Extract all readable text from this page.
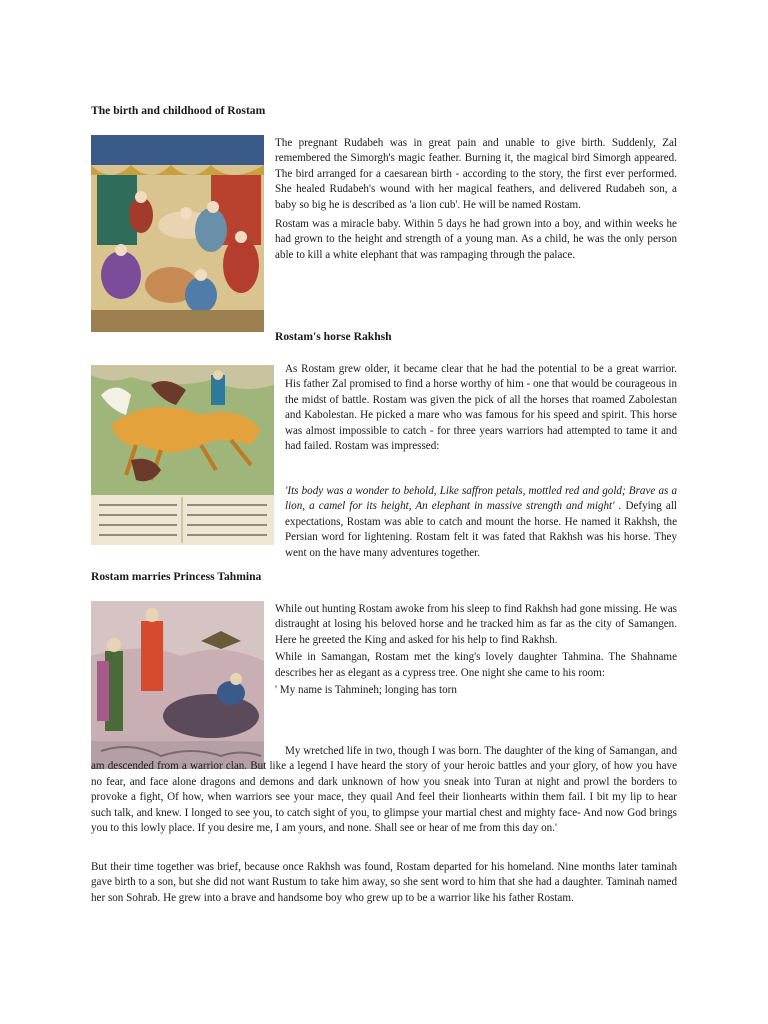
The birth and childhood of Rostam

The pregnant Rudabeh was in great pain and unable to give birth. Suddenly, Zal remembered the Simorgh's magic feather. Burning it, the magical bird Simorgh appeared. The bird arranged for a caesarean birth - according to the story, the first ever performed. She healed Rudabeh's wound with her magical feathers, and delivered Rudabeh son, a baby so big he is described as 'a lion cub'. He will be named Rostam.

Rostam was a miracle baby. Within 5 days he had grown into a boy, and within weeks he had grown to the height and strength of a young man. As a child, he was the only person able to kill a white elephant that was rampaging through the palace.

Rostam's horse Rakhsh

As Rostam grew older, it became clear that he had the potential to be a great warrior. His father Zal promised to find a horse worthy of him - one that would be courageous in the midst of battle. Rostam was given the pick of all the horses that roamed Zabolestan and Kabolestan. He picked a mare who was famous for his speed and spirit. This horse was almost impossible to catch - for three years warriors had attempted to tame it and had failed. Rostam was impressed:

'Its body was a wonder to behold, Like saffron petals, mottled red and gold; Brave as a lion, a camel for its height, An elephant in massive strength and might' . Defying all expectations, Rostam was able to catch and mount the horse. He named it Rakhsh, the Persian word for lightening. Rostam felt it was fated that Rakhsh was his horse. They went on the have many adventures together.

Rostam marries Princess Tahmina

While out hunting Rostam awoke from his sleep to find Rakhsh had gone missing. He was distraught at losing his beloved horse and he tracked him as far as the city of Samangen. Here he greeted the King and asked for his help to find Rakhsh.

While in Samangan, Rostam met the king's lovely daughter Tahmina. The Shahname describes her as elegant as a cypress tree. One night she came to his room:

' My name is Tahmineh; longing has torn

My wretched life in two, though I was born. The daughter of the king of Samangan, and am descended from a warrior clan. But like a legend I have heard the story of your heroic battles and your glory, of how you have no fear, and face alone dragons and demons and dark unknown of how you sneak into Turan at night and prowl the borders to provoke a fight, Of how, when warriors see your mace, they quail And feel their lionhearts within them fail. I bit my lip to hear such talk, and knew. I longed to see you, to catch sight of you, to glimpse your martial chest and mighty face- And now God brings you to this lowly place. If you desire me, I am yours, and none. Shall see or hear of me from this day on.'

But their time together was brief, because once Rakhsh was found, Rostam departed for his homeland. Nine months later taminah gave birth to a son, but she did not want Rustum to take him away, so she sent word to him that she had a daughter. Taminah named her son Sohrab. He grew into a brave and handsome boy who grew up to be a warrior like his father Rostam.
